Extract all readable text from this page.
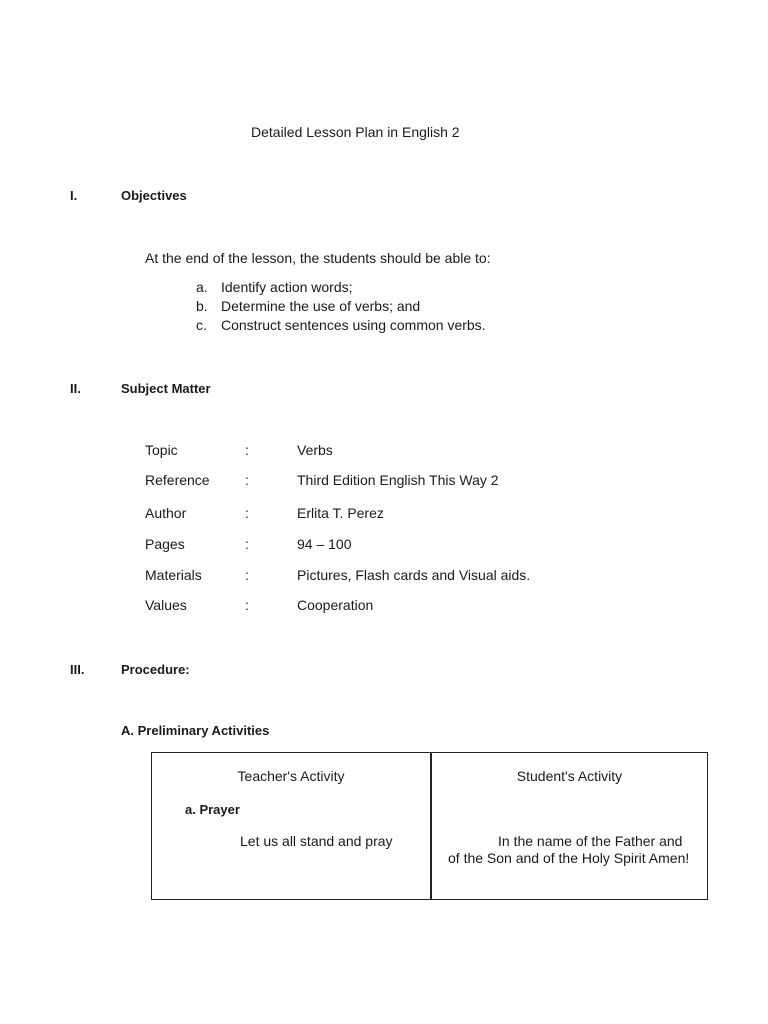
Detailed Lesson Plan in English 2
I.	Objectives
At the end of the lesson, the students should be able to:
a. Identify action words;
b. Determine the use of verbs; and
c. Construct sentences using common verbs.
II.	Subject Matter
Topic	:	Verbs
Reference	:	Third Edition English This Way 2
Author	:	Erlita T. Perez
Pages	:	94 – 100
Materials	:	Pictures, Flash cards and Visual aids.
Values	:	Cooperation
III.	Procedure:
A. Preliminary Activities
Teacher's Activity	Student's Activity
a. Prayer
Let us all stand and pray	In the name of the Father and of the Son and of the Holy Spirit Amen!
